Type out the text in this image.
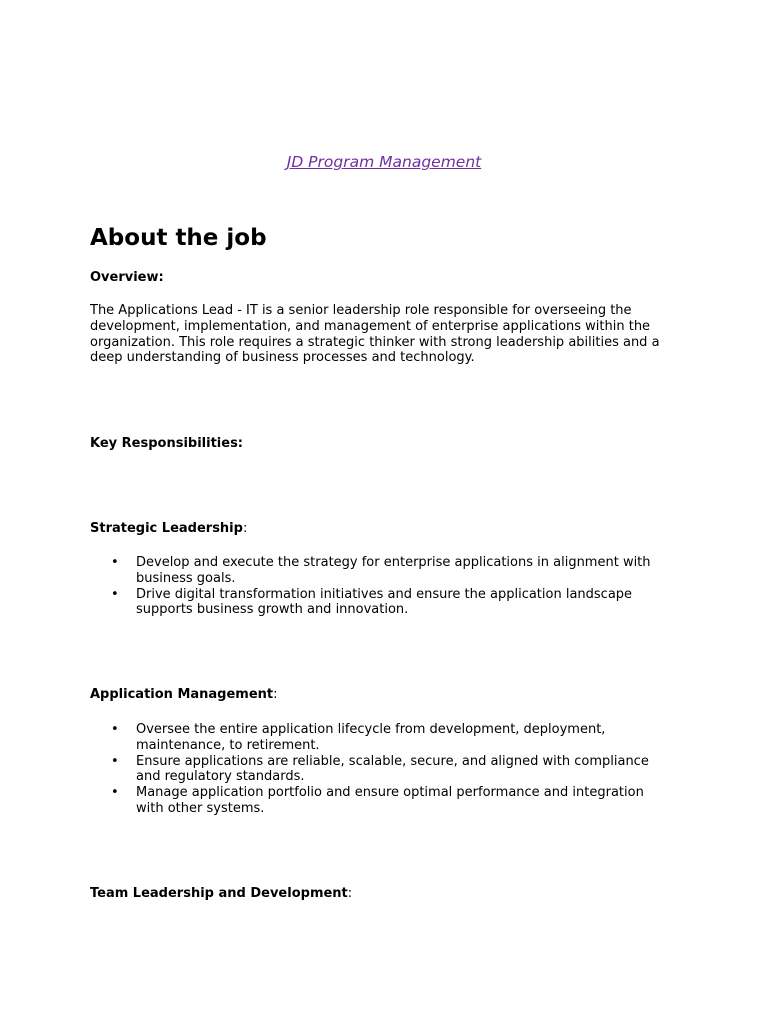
JD Program Management
About the job
Overview:

The Applications Lead - IT is a senior leadership role responsible for overseeing the development, implementation, and management of enterprise applications within the organization. This role requires a strategic thinker with strong leadership abilities and a deep understanding of business processes and technology.

Key Responsibilities:
Strategic Leadership:
• Develop and execute the strategy for enterprise applications in alignment with business goals.
• Drive digital transformation initiatives and ensure the application landscape supports business growth and innovation.
Application Management:
• Oversee the entire application lifecycle from development, deployment, maintenance, to retirement.
• Ensure applications are reliable, scalable, secure, and aligned with compliance and regulatory standards.
• Manage application portfolio and ensure optimal performance and integration with other systems.
Team Leadership and Development:
